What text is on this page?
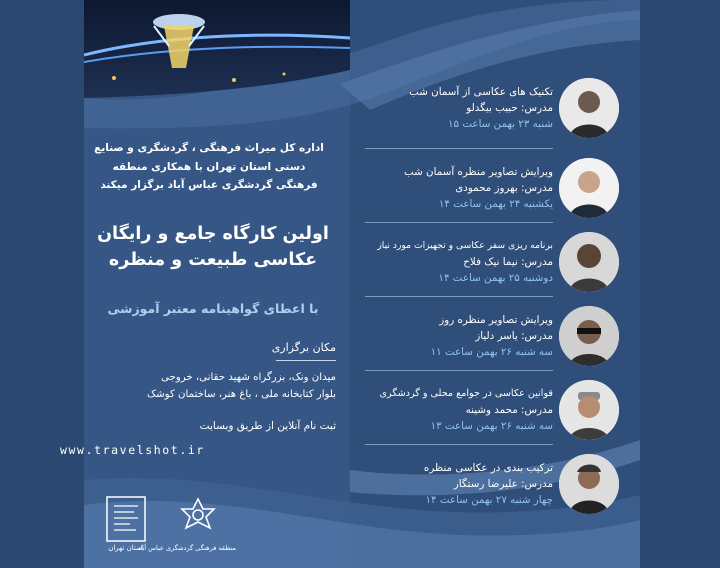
اداره کل میراث فرهنگی ، گردشگری و صنایع
دستی استان تهران با همکاری منطقه
فرهنگی گردشگری عباس آباد برگزار میکند
اولین کارگاه جامع و رایگان
عکاسی طبیعت و منظره
با اعطای گواهینامه معتبر آموزشی
مکان برگزاری
میدان ونک، بزرگراه شهید حقانی، خروجی
بلوار کتابخانه ملی ، باغ هنر، ساختمان کوشک
ثبت نام آنلاین از طریق وبسایت
www.travelshot.ir
تکنیک های عکاسی از آسمان شب
مدرس: حبیب بیگدلو
شنبه ۲۳ بهمن ساعت ۱۵
ویرایش تصاویر منظره آسمان شب
مدرس: بهروز محمودی
یکشنبه ۲۴ بهمن ساعت ۱۴
برنامه ریزی سفر عکاسی و تجهیزات مورد نیاز
مدرس: نیما نیک فلاح
دوشنبه ۲۵ بهمن ساعت ۱۴
ویرایش تصاویر منظره روز
مدرس: یاسر دلیاز
سه شنبه ۲۶ بهمن ساعت ۱۱
قوانین عکاسی در جوامع محلی و گردشگری
مدرس: محمد وشینه
سه شنبه ۲۶ بهمن ساعت ۱۳
ترکیب بندی در عکاسی منظره
مدرس: علیرضا رستگار
چهار شنبه ۲۷ بهمن ساعت ۱۴
استان تهران
منطقه فرهنگی گردشگری عباس آباد
